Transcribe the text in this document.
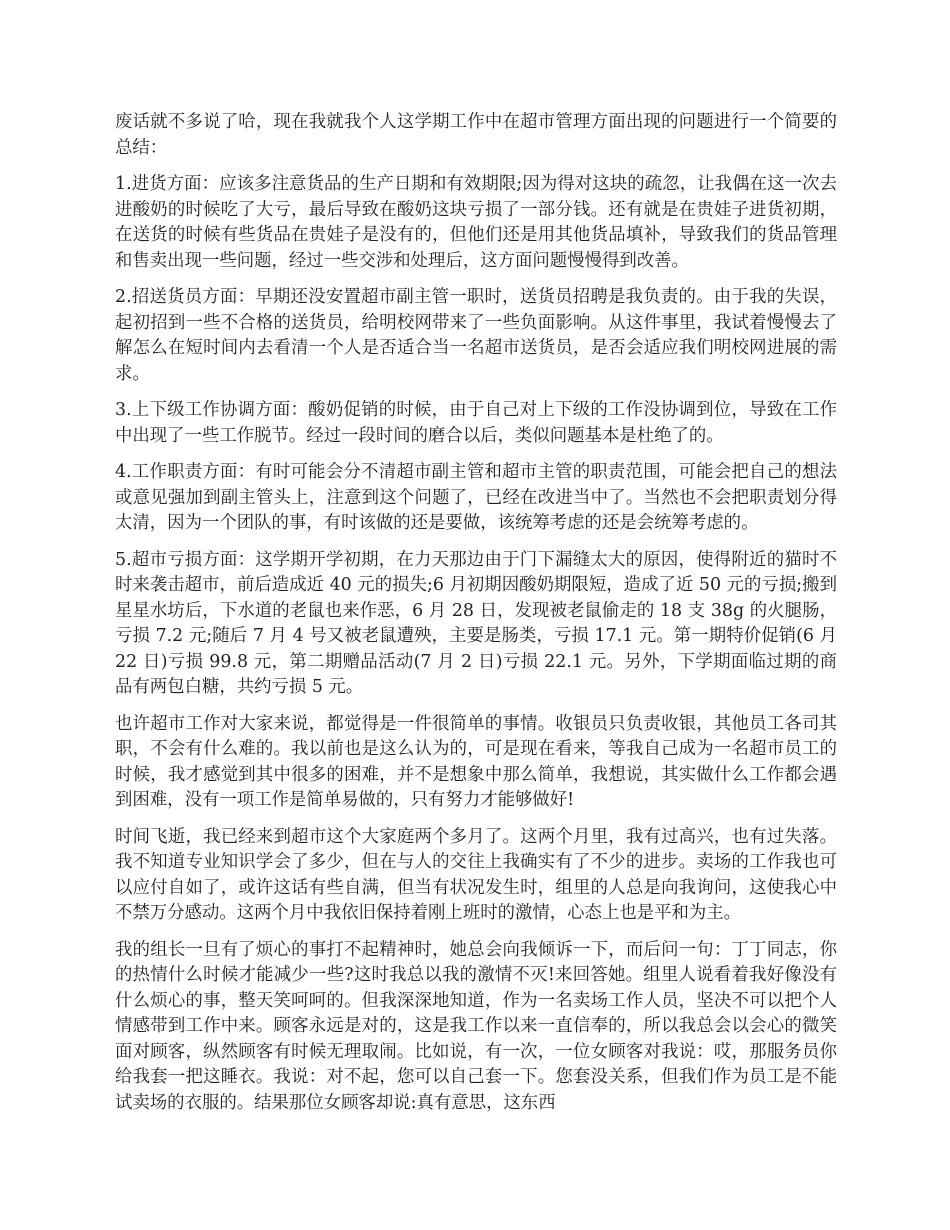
废话就不多说了哈，现在我就我个人这学期工作中在超市管理方面出现的问题进行一个简要的总结：

1.进货方面：应该多注意货品的生产日期和有效期限;因为得对这块的疏忽，让我偶在这一次去进酸奶的时候吃了大亏，最后导致在酸奶这块亏损了一部分钱。还有就是在贵娃子进货初期，在送货的时候有些货品在贵娃子是没有的，但他们还是用其他货品填补，导致我们的货品管理和售卖出现一些问题，经过一些交涉和处理后，这方面问题慢慢得到改善。

2.招送货员方面：早期还没安置超市副主管一职时，送货员招聘是我负责的。由于我的失误，起初招到一些不合格的送货员，给明校网带来了一些负面影响。从这件事里，我试着慢慢去了解怎么在短时间内去看清一个人是否适合当一名超市送货员，是否会适应我们明校网进展的需求。

3.上下级工作协调方面：酸奶促销的时候，由于自己对上下级的工作没协调到位，导致在工作中出现了一些工作脱节。经过一段时间的磨合以后，类似问题基本是杜绝了的。

4.工作职责方面：有时可能会分不清超市副主管和超市主管的职责范围，可能会把自己的想法或意见强加到副主管头上，注意到这个问题了，已经在改进当中了。当然也不会把职责划分得太清，因为一个团队的事，有时该做的还是要做，该统筹考虑的还是会统筹考虑的。

5.超市亏损方面：这学期开学初期，在力天那边由于门下漏缝太大的原因，使得附近的猫时不时来袭击超市，前后造成近 40 元的损失;6 月初期因酸奶期限短，造成了近 50 元的亏损;搬到星星水坊后，下水道的老鼠也来作恶，6 月 28 日，发现被老鼠偷走的 18 支 38g 的火腿肠，亏损 7.2 元;随后 7 月 4 号又被老鼠遭殃，主要是肠类，亏损 17.1 元。第一期特价促销(6 月 22 日)亏损 99.8 元，第二期赠品活动(7 月 2 日)亏损 22.1 元。另外，下学期面临过期的商品有两包白糖，共约亏损 5 元。

也许超市工作对大家来说，都觉得是一件很简单的事情。收银员只负责收银，其他员工各司其职，不会有什么难的。我以前也是这么认为的，可是现在看来，等我自己成为一名超市员工的时候，我才感觉到其中很多的困难，并不是想象中那么简单，我想说，其实做什么工作都会遇到困难，没有一项工作是简单易做的，只有努力才能够做好!

时间飞逝，我已经来到超市这个大家庭两个多月了。这两个月里，我有过高兴，也有过失落。我不知道专业知识学会了多少，但在与人的交往上我确实有了不少的进步。卖场的工作我也可以应付自如了，或许这话有些自满，但当有状况发生时，组里的人总是向我询问，这使我心中不禁万分感动。这两个月中我依旧保持着刚上班时的激情，心态上也是平和为主。

我的组长一旦有了烦心的事打不起精神时，她总会向我倾诉一下，而后问一句：丁丁同志，你的热情什么时候才能减少一些?这时我总以我的激情不灭!来回答她。组里人说看着我好像没有什么烦心的事，整天笑呵呵的。但我深深地知道，作为一名卖场工作人员，坚决不可以把个人情感带到工作中来。顾客永远是对的，这是我工作以来一直信奉的，所以我总会以会心的微笑面对顾客，纵然顾客有时候无理取闹。比如说，有一次，一位女顾客对我说：哎，那服务员你给我套一把这睡衣。我说：对不起，您可以自己套一下。您套没关系，但我们作为员工是不能试卖场的衣服的。结果那位女顾客却说:真有意思，这东西
